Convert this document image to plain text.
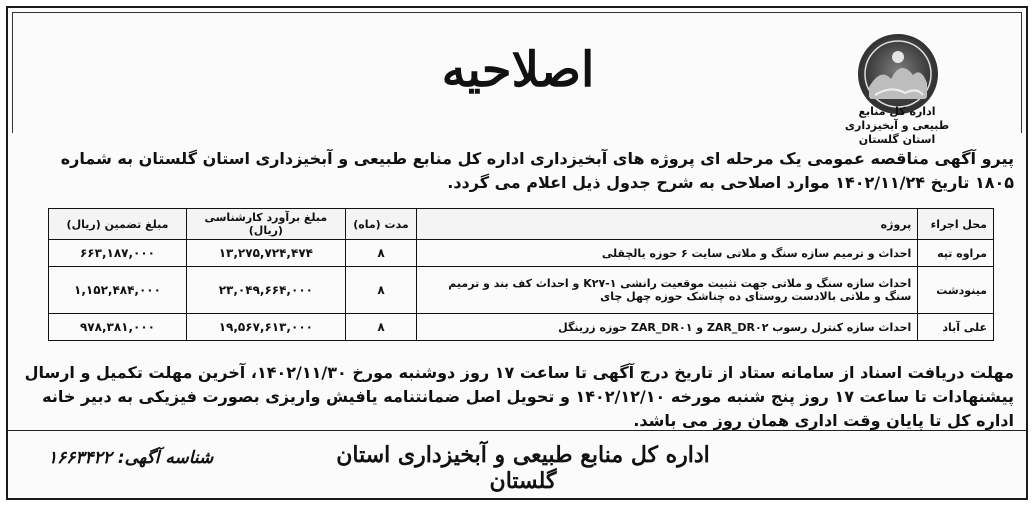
اداره کل منابع طبیعی و آبخیزداری
استان گلستان
اصلاحیه
پیرو آگهی مناقصه عمومی یک مرحله ای پروژه های آبخیزداری اداره کل منابع طبیعی و آبخیزداری استان گلستان به شماره ۱۸۰۵ تاریخ ۱۴۰۲/۱۱/۲۴ موارد اصلاحی به شرح جدول ذیل اعلام می گردد.
محل اجراء	پروژه	مدت (ماه)	مبلغ برآورد کارشناسی (ریال)	مبلغ تضمین (ریال)
مراوه تپه	احداث و ترمیم سازه سنگ و ملاتی سایت ۶ حوزه یالچقلی	۸	۱۳,۲۷۵,۷۲۴,۴۷۴	۶۶۳,۱۸۷,۰۰۰
مینودشت	احداث سازه سنگ و ملاتی جهت تثبیت موقعیت رانشی K۲۷-۱ و احداث کف بند و ترمیم سنگ و ملاتی بالادست روستای ده چناشک حوزه چهل چای	۸	۲۳,۰۴۹,۶۶۴,۰۰۰	۱,۱۵۲,۴۸۴,۰۰۰
علی آباد	احداث سازه کنترل رسوب ZAR_DR۰۲ و ZAR_DR۰۱ حوزه زرینگل	۸	۱۹,۵۶۷,۶۱۳,۰۰۰	۹۷۸,۳۸۱,۰۰۰
مهلت دریافت اسناد از سامانه ستاد از تاریخ درج آگهی تا ساعت ۱۷ روز دوشنبه مورخ ۱۴۰۲/۱۱/۳۰، آخرین مهلت تکمیل و ارسال پیشنهادات تا ساعت ۱۷ روز پنج شنبه مورخه ۱۴۰۲/۱۲/۱۰ و تحویل اصل ضمانتنامه یافیش واریزی بصورت فیزیکی به دبیر خانه اداره کل تا پایان وقت اداری همان روز می باشد.
اداره کل منابع طبیعی و آبخیزداری استان گلستان
شناسه آگهی: ۱۶۶۳۴۲۲
